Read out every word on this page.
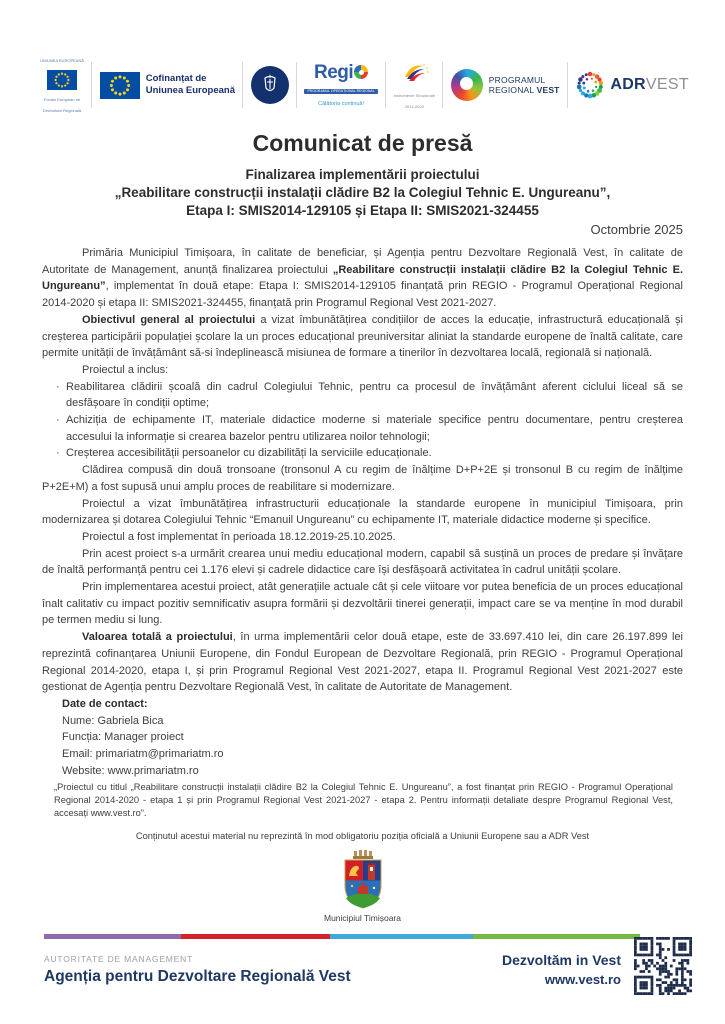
UNIUNEA EUROPEANĂ
Fondul European de
Dezvoltare Regională
Cofinanțat de
Uniunea Europeană
Regi
PROGRAMUL OPERAȚIONAL REGIONAL
Călătoria continuă!
Instrumente Structurale
2014-2020
PROGRAMUL
REGIONAL VEST	ADRVEST
Comunicat de presă
Finalizarea implementării proiectului
„Reabilitare construcții instalații clădire B2 la Colegiul Tehnic E. Ungureanu”,
Etapa I: SMIS2014-129105 și Etapa II: SMIS2021-324455
Octombrie 2025

Primăria Municipiul Timișoara, în calitate de beneficiar, și Agenția pentru Dezvoltare Regională Vest, în calitate de Autoritate de Management, anunță finalizarea proiectului „Reabilitare construcții instalații clădire B2 la Colegiul Tehnic E. Ungureanu”, implementat în două etape: Etapa I: SMIS2014-129105 finanțată prin REGIO - Programul Operațional Regional 2014-2020 și etapa II: SMIS2021-324455, finanțată prin Programul Regional Vest 2021-2027.

Obiectivul general al proiectului a vizat îmbunătățirea condițiilor de acces la educație, infrastructură educațională și creșterea participării populației școlare la un proces educațional preuniversitar aliniat la standarde europene de înaltă calitate, care permite unității de învățământ să-si îndeplinească misiunea de formare a tinerilor în dezvoltarea locală, regională si națională.

Proiectul a inclus:

· Reabilitarea clădirii școală din cadrul Colegiului Tehnic, pentru ca procesul de învățământ aferent ciclului liceal să se desfășoare în condiții optime;
· Achiziția de echipamente IT, materiale didactice moderne si materiale specifice pentru documentare, pentru creșterea accesului la informație si crearea bazelor pentru utilizarea noilor tehnologii;
· Creșterea accesibilității persoanelor cu dizabilități la serviciile educaționale.

Clădirea compusă din două tronsoane (tronsonul A cu regim de înălțime D+P+2E și tronsonul B cu regim de înălțime P+2E+M) a fost supusă unui amplu proces de reabilitare si modernizare.

Proiectul a vizat îmbunătățirea infrastructurii educaționale la standarde europene în municipiul Timișoara, prin modernizarea și dotarea Colegiului Tehnic “Emanuil Ungureanu” cu echipamente IT, materiale didactice moderne și specifice.

Proiectul a fost implementat în perioada 18.12.2019-25.10.2025.

Prin acest proiect s-a urmărit crearea unui mediu educațional modern, capabil să susțină un proces de predare și învățare de înaltă performanță pentru cei 1.176 elevi și cadrele didactice care își desfășoară activitatea în cadrul unității școlare.

Prin implementarea acestui proiect, atât generațiile actuale cât și cele viitoare vor putea beneficia de un proces educațional înalt calitativ cu impact pozitiv semnificativ asupra formării și dezvoltării tinerei generații, impact care se va menține în mod durabil pe termen mediu si lung.

Valoarea totală a proiectului, în urma implementării celor două etape, este de 33.697.410 lei, din care 26.197.899 lei reprezintă cofinanțarea Uniunii Europene, din Fondul European de Dezvoltare Regională, prin REGIO - Programul Operațional Regional 2014-2020, etapa I, și prin Programul Regional Vest 2021-2027, etapa II. Programul Regional Vest 2021-2027 este gestionat de Agenția pentru Dezvoltare Regională Vest, în calitate de Autoritate de Management.

Date de contact:
Nume: Gabriela Bica
Funcția: Manager proiect
Email: primariatm@primariatm.ro
Website: www.primariatm.ro
„Proiectul cu titlul „Reabilitare construcții instalații clădire B2 la Colegiul Tehnic E. Ungureanu”, a fost finanțat prin REGIO - Programul Operațional Regional 2014-2020 - etapa 1 și prin Programul Regional Vest 2021-2027 - etapa 2. Pentru informații detaliate despre Programul Regional Vest, accesați www.vest.ro”.
Conținutul acestui material nu reprezintă în mod obligatoriu poziția oficială a Uniunii Europene sau a ADR Vest
Municipiul Timișoara
AUTORITATE DE MANAGEMENT
Agenția pentru Dezvoltare Regională Vest
Dezvoltăm in Vest
www.vest.ro
